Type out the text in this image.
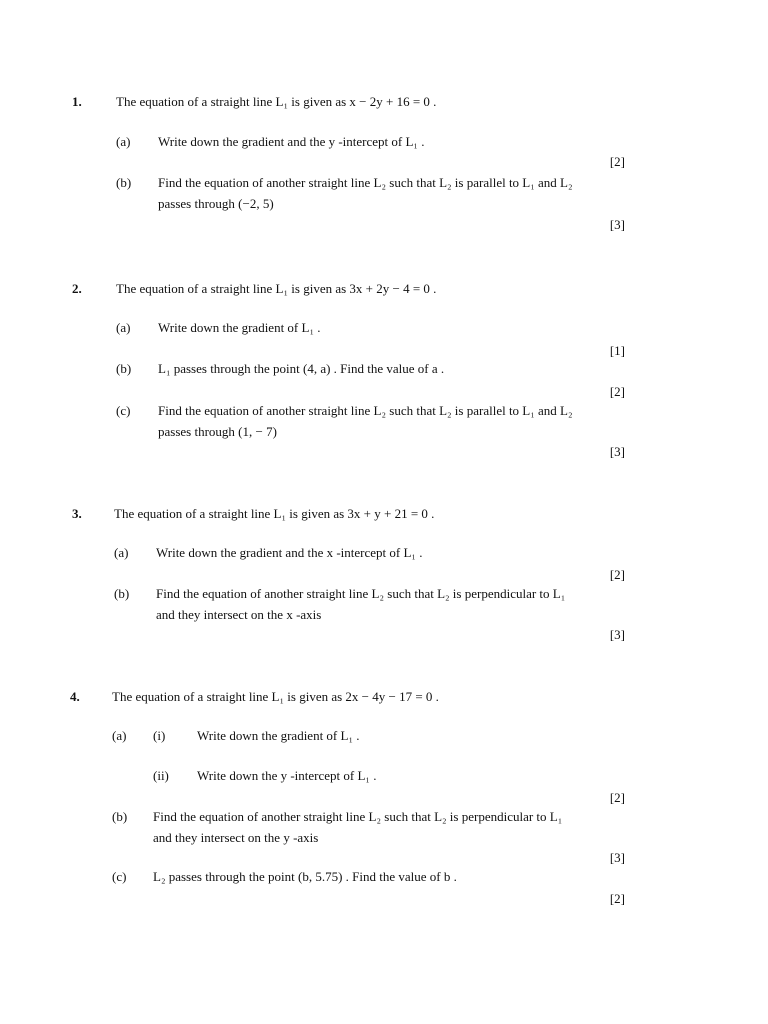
1.	The equation of a straight line L₁ is given as x − 2y + 16 = 0 .
(a) Write down the gradient and the y -intercept of L₁ .
[2]
(b) Find the equation of another straight line L₂ such that L₂ is parallel to L₁ and L₂
passes through (−2, 5)
[3]
2.	The equation of a straight line L₁ is given as 3x + 2y − 4 = 0 .
(a) Write down the gradient of L₁ .
[1]
(b) L₁ passes through the point (4, a) . Find the value of a .
[2]
(c) Find the equation of another straight line L₂ such that L₂ is parallel to L₁ and L₂
passes through (1, − 7)
[3]
3. The equation of a straight line L₁ is given as 3x + y + 21 = 0 .
(a) Write down the gradient and the x -intercept of L₁ .
[2]
(b) Find the equation of another straight line L₂ such that L₂ is perpendicular to L₁
and they intersect on the x -axis
[3]
4. The equation of a straight line L₁ is given as 2x − 4y − 17 = 0 .
(a) (i) Write down the gradient of L₁ .
(ii) Write down the y -intercept of L₁ .
[2]
(b) Find the equation of another straight line L₂ such that L₂ is perpendicular to L₁
and they intersect on the y -axis
[3]
(c) L₂ passes through the point (b, 5.75) . Find the value of b .
[2]
